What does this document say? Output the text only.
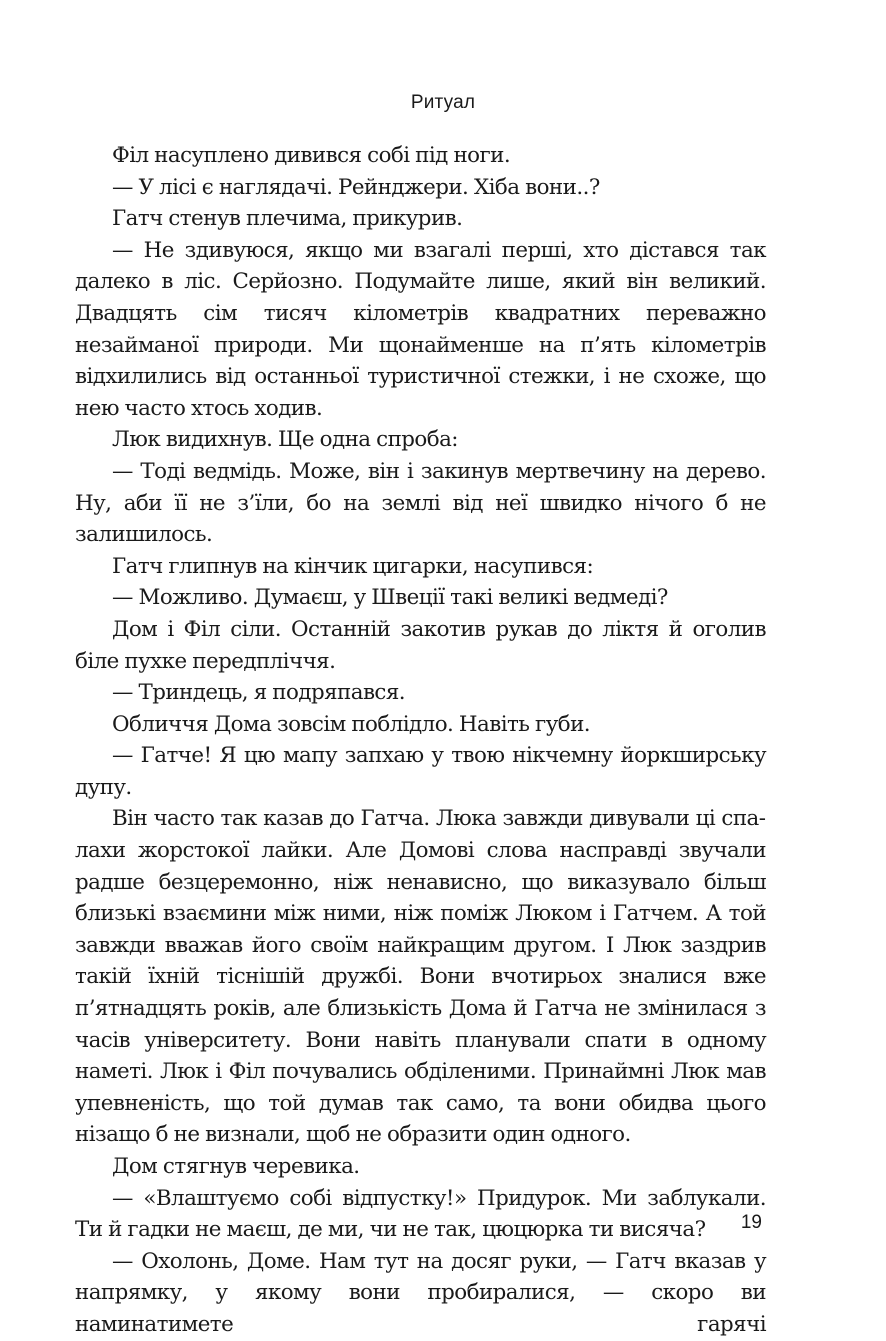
Ритуал

Філ насуплено дивився собі під ноги.

— У лісі є наглядачі. Рейнджери. Хіба вони..?

Гатч стенув плечима, прикурив.

— Не здивуюся, якщо ми взагалі перші, хто дістався так далеко в ліс. Серйозно. Подумайте лише, який він великий. Двадцять сім тисяч кілометрів квадратних переважно незайманої природи. Ми щонайменше на п’ять кілометрів відхилились від останньої туристичної стежки, і не схоже, що нею часто хтось ходив.

Люк видихнув. Ще одна спроба:

— Тоді ведмідь. Може, він і закинув мертвечину на дерево. Ну, аби її не з’їли, бо на землі від неї швидко нічого б не залишилось.

Гатч глипнув на кінчик цигарки, насупився:

— Можливо. Думаєш, у Швеції такі великі ведмеді?

Дом і Філ сіли. Останній закотив рукав до ліктя й оголив біле пухке передпліччя.

— Триндець, я подряпався.

Обличчя Дома зовсім поблідло. Навіть губи.

— Гатче! Я цю мапу запхаю у твою нікчемну йоркширську дупу.

Він часто так казав до Гатча. Люка завжди дивували ці спалахи жорстокої лайки. Але Домові слова насправді звучали радше безцеремонно, ніж ненависно, що виказувало більш близькі взаємини між ними, ніж поміж Люком і Гатчем. А той завжди вважав його своїм найкращим другом. І Люк заздрив такій їхній тіснішій дружбі. Вони вчотирьох зналися вже п’ятнадцять років, але близькість Дома й Гатча не змінилася з часів університету. Вони навіть планували спати в одному наметі. Люк і Філ почувались обділеними. Принаймні Люк мав упевненість, що той думав так само, та вони обидва цього нізащо б не визнали, щоб не образити один одного.

Дом стягнув черевика.

— «Влаштуємо собі відпустку!» Придурок. Ми заблукали. Ти й гадки не маєш, де ми, чи не так, цюцюрка ти висяча?

— Охолонь, Доме. Нам тут на досяг руки, — Гатч вказав у напрямку, у якому вони пробиралися, — скоро ви наминатимете гарячі

19
